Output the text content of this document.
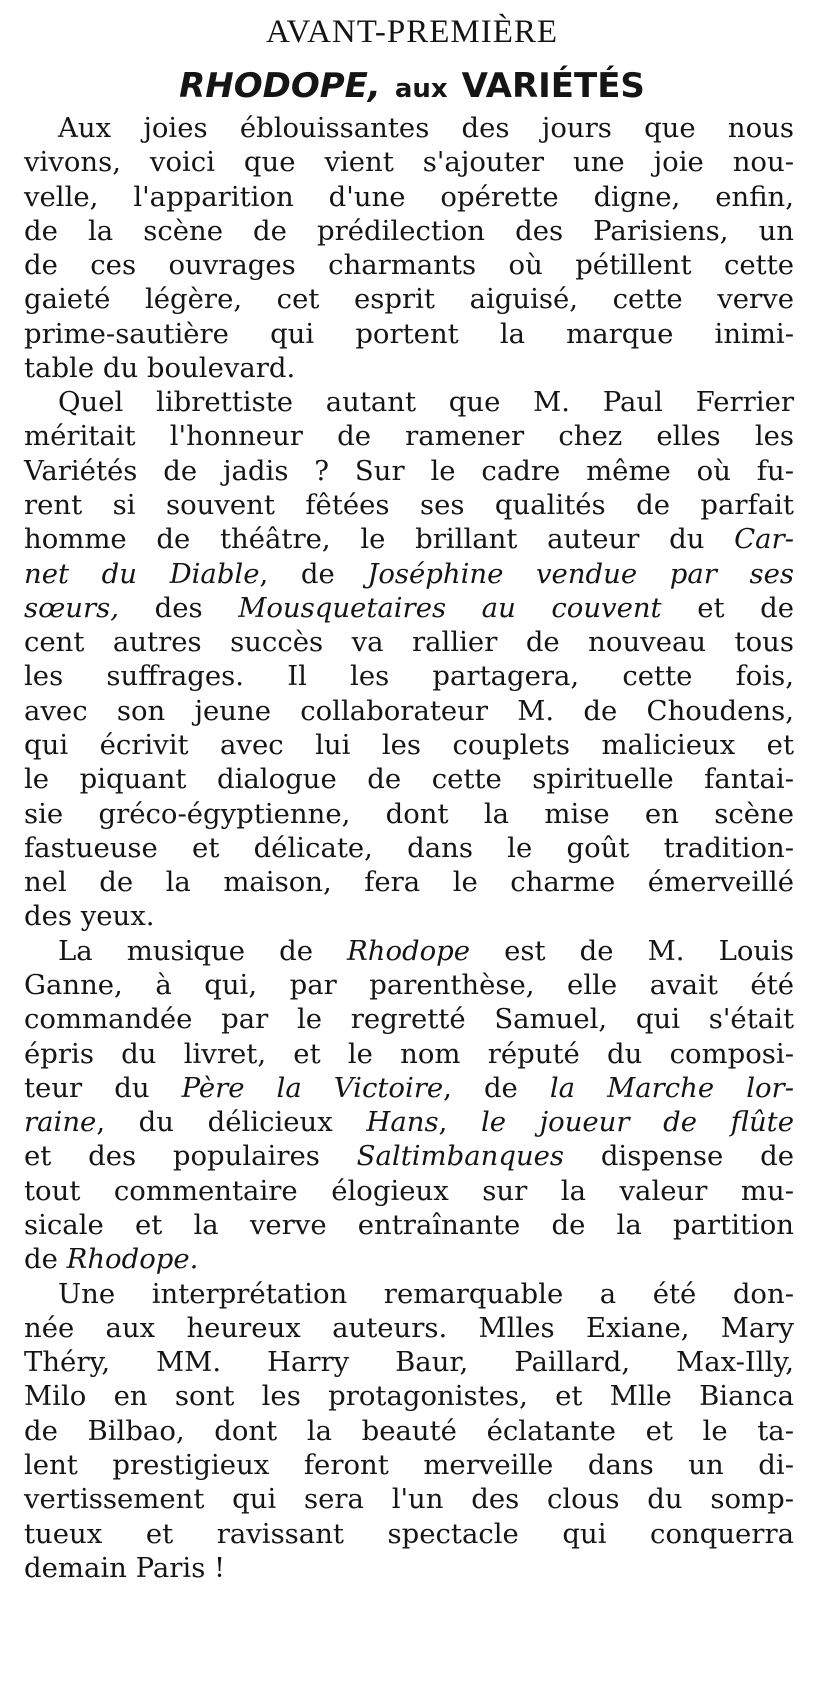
AVANT-PREMIÈRE
RHODOPE, aux VARIÉTÉS
Aux joies éblouissantes des jours que nous
vivons, voici que vient s'ajouter une joie nou-
velle, l'apparition d'une opérette digne, enfin,
de la scène de prédilection des Parisiens, un
de ces ouvrages charmants où pétillent cette
gaieté légère, cet esprit aiguisé, cette verve
prime-sautière qui portent la marque inimi-
table du boulevard.
Quel librettiste autant que M. Paul Ferrier
méritait l'honneur de ramener chez elles les
Variétés de jadis ? Sur le cadre même où fu-
rent si souvent fêtées ses qualités de parfait
homme de théâtre, le brillant auteur du Car-
net du Diable, de Joséphine vendue par ses
sœurs, des Mousquetaires au couvent et de
cent autres succès va rallier de nouveau tous
les suffrages. Il les partagera, cette fois,
avec son jeune collaborateur M. de Choudens,
qui écrivit avec lui les couplets malicieux et
le piquant dialogue de cette spirituelle fantai-
sie gréco-égyptienne, dont la mise en scène
fastueuse et délicate, dans le goût tradition-
nel de la maison, fera le charme émerveillé
des yeux.
La musique de Rhodope est de M. Louis
Ganne, à qui, par parenthèse, elle avait été
commandée par le regretté Samuel, qui s'était
épris du livret, et le nom réputé du composi-
teur du Père la Victoire, de la Marche lor-
raine, du délicieux Hans, le joueur de flûte
et des populaires Saltimbanques dispense de
tout commentaire élogieux sur la valeur mu-
sicale et la verve entraînante de la partition
de Rhodope.
Une interprétation remarquable a été don-
née aux heureux auteurs. Mlles Exiane, Mary
Théry, MM. Harry Baur, Paillard, Max-Illy,
Milo en sont les protagonistes, et Mlle Bianca
de Bilbao, dont la beauté éclatante et le ta-
lent prestigieux feront merveille dans un di-
vertissement qui sera l'un des clous du somp-
tueux et ravissant spectacle qui conquerra
demain Paris !
